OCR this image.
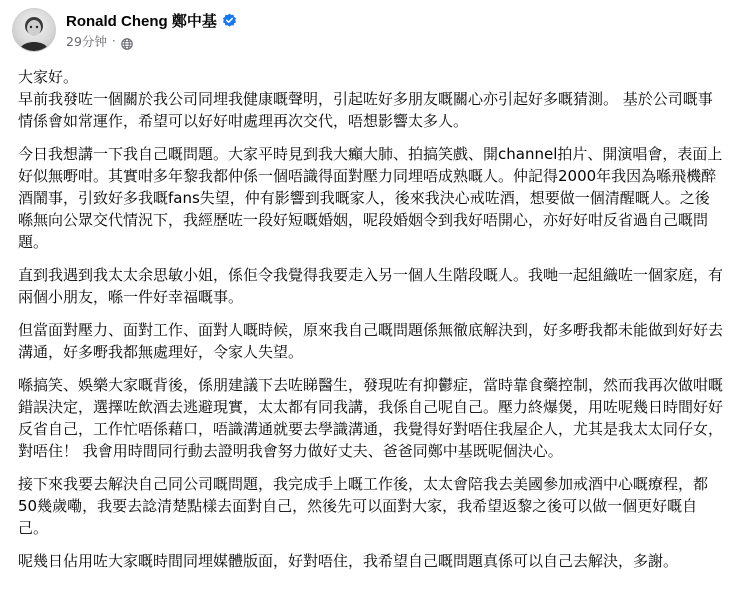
Ronald Cheng 鄭中基
29分钟 ·

大家好。
早前我發咗一個關於我公司同埋我健康嘅聲明，引起咗好多朋友嘅關心亦引起好多嘅猜測。 基於公司嘅事情係會如常運作，希望可以好好咁處理再次交代，唔想影響太多人。

今日我想講一下我自己嘅問題。大家平時見到我大癲大肺、拍搞笑戲、開channel拍片、開演唱會，表面上好似無嘢咁。其實咁多年黎我都仲係一個唔識得面對壓力同埋唔成熟嘅人。仲記得2000年我因為喺飛機醉酒鬧事，引致好多我嘅fans失望，仲有影響到我嘅家人，後來我決心戒咗酒，想要做一個清醒嘅人。之後喺無向公眾交代情況下，我經歷咗一段好短嘅婚姻，呢段婚姻令到我好唔開心，亦好好咁反省過自己嘅問題。

直到我遇到我太太余思敏小姐，係佢令我覺得我要走入另一個人生階段嘅人。我哋一起組織咗一個家庭，有兩個小朋友，喺一件好幸福嘅事。

但當面對壓力、面對工作、面對人嘅時候，原來我自己嘅問題係無徹底解決到，好多嘢我都未能做到好好去溝通，好多嘢我都無處理好，令家人失望。

喺搞笑、娛樂大家嘅背後，係朋建議下去咗睇醫生，發現咗有抑鬱症，當時靠食藥控制，然而我再次做咁嘅錯誤決定，選擇咗飲酒去逃避現實，太太都有同我講，我係自己呢自己。壓力終爆煲，用咗呢幾日時間好好反省自己，工作忙唔係藉口，唔識溝通就要去學識溝通，我覺得好對唔住我屋企人，尤其是我太太同仔女，對唔住！ 我會用時間同行動去證明我會努力做好丈夫、爸爸同鄭中基既呢個決心。

接下來我要去解決自己同公司嘅問題，我完成手上嘅工作後，太太會陪我去美國參加戒酒中心嘅療程，都50幾歲嘞，我要去諗清楚點樣去面對自己，然後先可以面對大家，我希望返黎之後可以做一個更好嘅自己。

呢幾日佔用咗大家嘅時間同埋媒體版面，好對唔住，我希望自己嘅問題真係可以自己去解決，多謝。
